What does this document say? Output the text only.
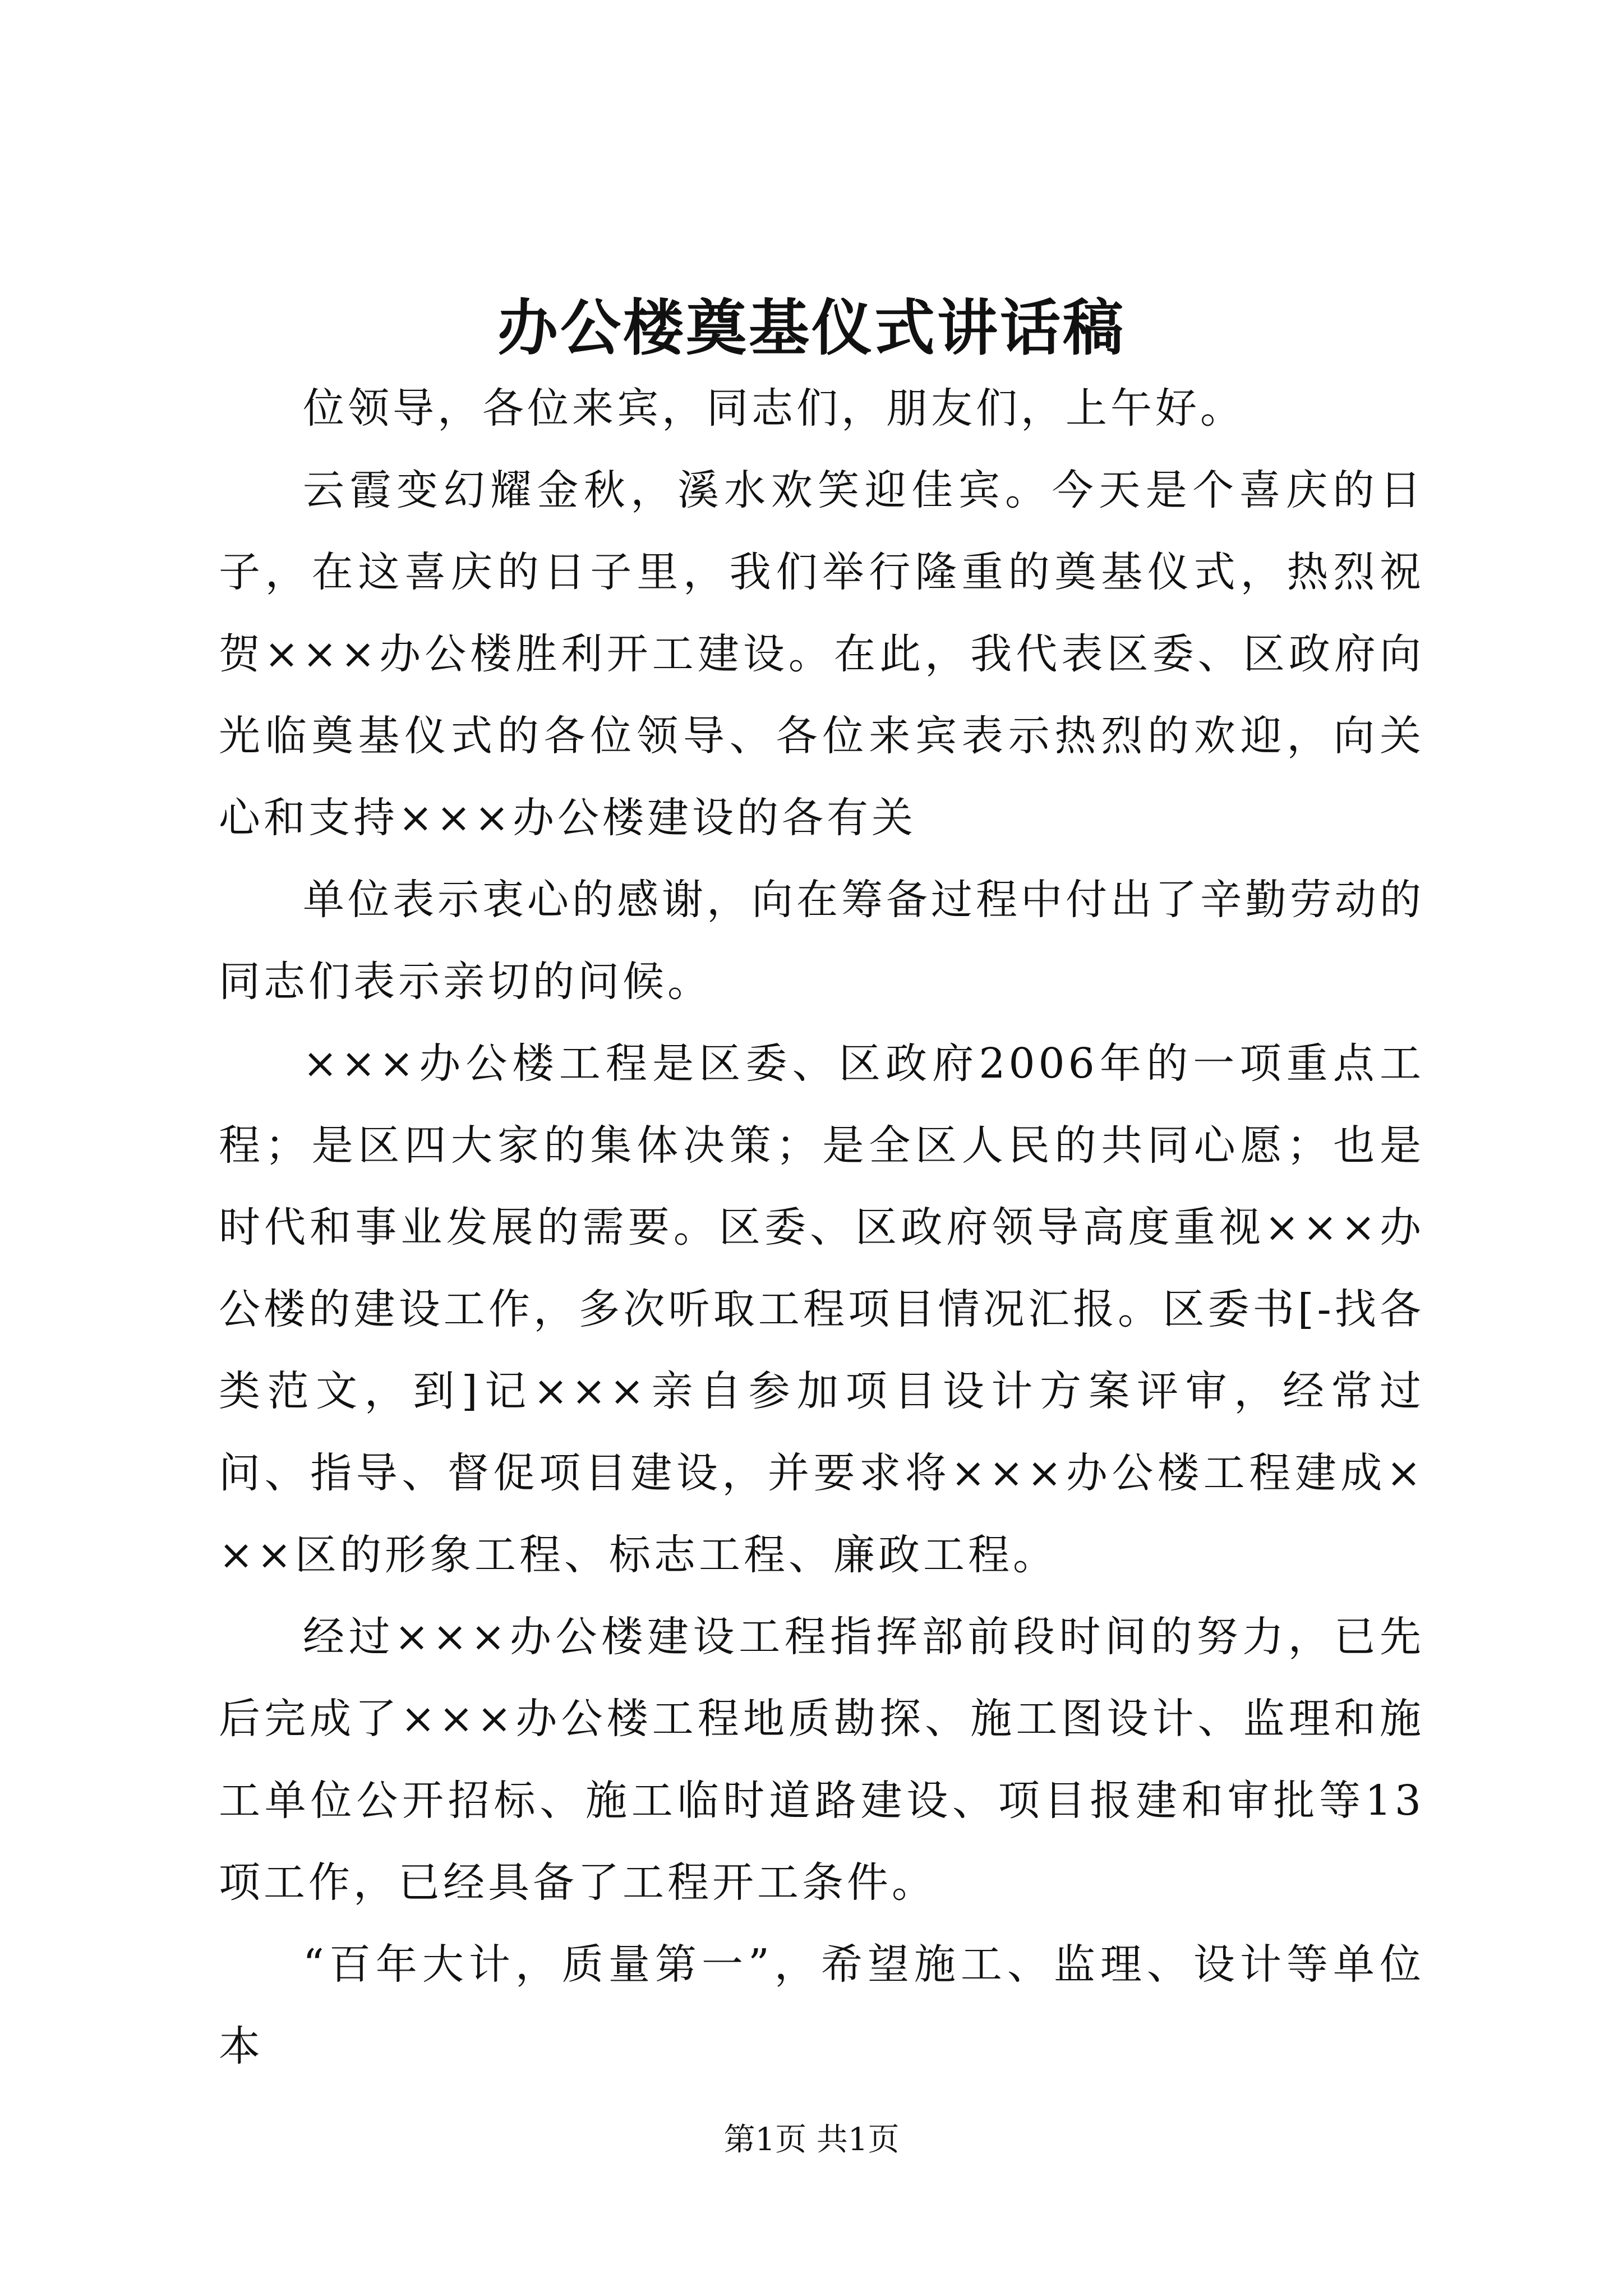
办公楼奠基仪式讲话稿

位领导，各位来宾，同志们，朋友们，上午好。

云霞变幻耀金秋，溪水欢笑迎佳宾。今天是个喜庆的日子，在这喜庆的日子里，我们举行隆重的奠基仪式，热烈祝贺×××办公楼胜利开工建设。在此，我代表区委、区政府向光临奠基仪式的各位领导、各位来宾表示热烈的欢迎，向关心和支持×××办公楼建设的各有关

单位表示衷心的感谢，向在筹备过程中付出了辛勤劳动的同志们表示亲切的问候。

×××办公楼工程是区委、区政府2006年的一项重点工程；是区四大家的集体决策；是全区人民的共同心愿；也是时代和事业发展的需要。区委、区政府领导高度重视×××办公楼的建设工作，多次听取工程项目情况汇报。区委书[-找各类范文，到]记×××亲自参加项目设计方案评审，经常过问、指导、督促项目建设，并要求将×××办公楼工程建成×××区的形象工程、标志工程、廉政工程。

经过×××办公楼建设工程指挥部前段时间的努力，已先后完成了×××办公楼工程地质勘探、施工图设计、监理和施工单位公开招标、施工临时道路建设、项目报建和审批等13项工作，已经具备了工程开工条件。

“百年大计，质量第一”，希望施工、监理、设计等单位本

第1页 共1页
